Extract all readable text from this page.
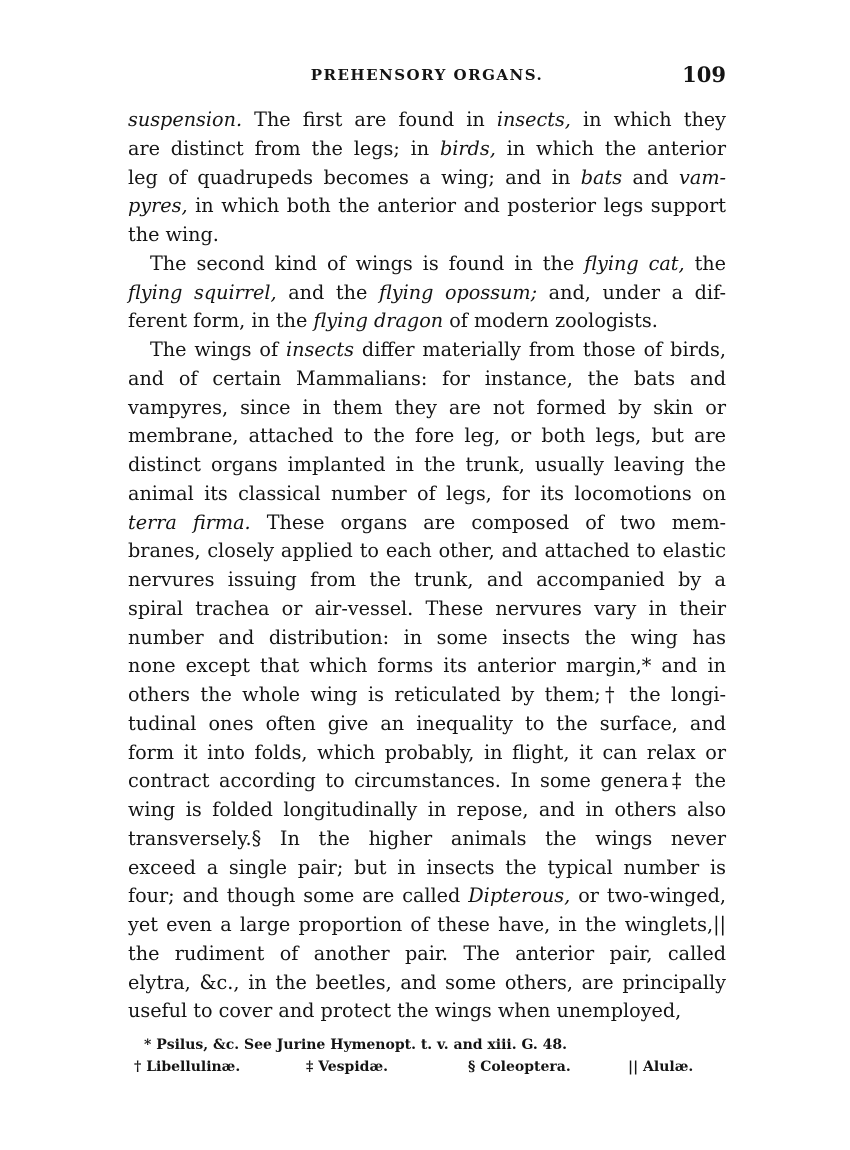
PREHENSORY ORGANS.	109
suspension. The first are found in insects, in which they
are distinct from the legs; in birds, in which the anterior
leg of quadrupeds becomes a wing; and in bats and vam-
pyres, in which both the anterior and posterior legs support
the wing.
The second kind of wings is found in the flying cat, the
flying squirrel, and the flying opossum; and, under a dif-
ferent form, in the flying dragon of modern zoologists.
The wings of insects differ materially from those of birds,
and of certain Mammalians: for instance, the bats and
vampyres, since in them they are not formed by skin or
membrane, attached to the fore leg, or both legs, but are
distinct organs implanted in the trunk, usually leaving the
animal its classical number of legs, for its locomotions on
terra firma. These organs are composed of two mem-
branes, closely applied to each other, and attached to elastic
nervures issuing from the trunk, and accompanied by a
spiral trachea or air-vessel. These nervures vary in their
number and distribution: in some insects the wing has
none except that which forms its anterior margin,* and in
others the whole wing is reticulated by them;† the longi-
tudinal ones often give an inequality to the surface, and
form it into folds, which probably, in flight, it can relax or
contract according to circumstances. In some genera‡ the
wing is folded longitudinally in repose, and in others also
transversely.§ In the higher animals the wings never
exceed a single pair; but in insects the typical number is
four; and though some are called Dipterous, or two-winged,
yet even a large proportion of these have, in the winglets,||
the rudiment of another pair. The anterior pair, called
elytra, &c., in the beetles, and some others, are principally
useful to cover and protect the wings when unemployed,
* Psilus, &c. See Jurine Hymenopt. t. v. and xiii. G. 48.
† Libellulinæ.	‡ Vespidæ.	§ Coleoptera.	|| Alulæ.
